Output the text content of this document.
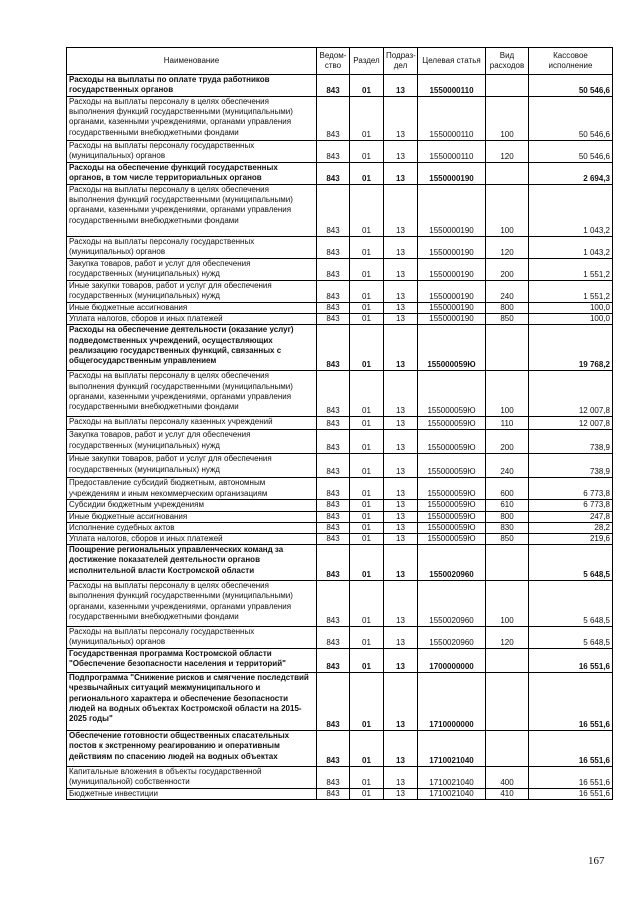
Наименование	Ведом-ство	Раздел	Подраз-дел	Целевая статья	Вид расходов	Кассовое исполнение
Расходы на выплаты по оплате труда работников государственных органов	843	01	13	1550000110		50 546,6
Расходы на выплаты персоналу в целях обеспечения выполнения функций государственными (муниципальными) органами, казенными учреждениями, органами управления государственными внебюджетными фондами	843	01	13	1550000110	100	50 546,6
Расходы на выплаты персоналу государственных (муниципальных) органов	843	01	13	1550000110	120	50 546,6
Расходы на обеспечение функций государственных органов, в том числе территориальных органов	843	01	13	1550000190		2 694,3
Расходы на выплаты персоналу в целях обеспечения выполнения функций государственными (муниципальными) органами, казенными учреждениями, органами управления государственными внебюджетными фондами	843	01	13	1550000190	100	1 043,2
Расходы на выплаты персоналу государственных (муниципальных) органов	843	01	13	1550000190	120	1 043,2
Закупка товаров, работ и услуг для обеспечения государственных (муниципальных) нужд	843	01	13	1550000190	200	1 551,2
Иные закупки товаров, работ и услуг для обеспечения государственных (муниципальных) нужд	843	01	13	1550000190	240	1 551,2
Иные бюджетные ассигнования	843	01	13	1550000190	800	100,0
Уплата налогов, сборов и иных платежей	843	01	13	1550000190	850	100,0
Расходы на обеспечение деятельности (оказание услуг) подведомственных учреждений, осуществляющих реализацию государственных функций, связанных с общегосударственным управлением	843	01	13	155000059Ю		19 768,2
Расходы на выплаты персоналу в целях обеспечения выполнения функций государственными (муниципальными) органами, казенными учреждениями, органами управления государственными внебюджетными фондами	843	01	13	155000059Ю	100	12 007,8
Расходы на выплаты персоналу казенных учреждений	843	01	13	155000059Ю	110	12 007,8
Закупка товаров, работ и услуг для обеспечения государственных (муниципальных) нужд	843	01	13	155000059Ю	200	738,9
Иные закупки товаров, работ и услуг для обеспечения государственных (муниципальных) нужд	843	01	13	155000059Ю	240	738,9
Предоставление субсидий бюджетным, автономным учреждениям и иным некоммерческим организациям	843	01	13	155000059Ю	600	6 773,8
Субсидии бюджетным учреждениям	843	01	13	155000059Ю	610	6 773,8
Иные бюджетные ассигнования	843	01	13	155000059Ю	800	247,8
Исполнение судебных актов	843	01	13	155000059Ю	830	28,2
Уплата налогов, сборов и иных платежей	843	01	13	155000059Ю	850	219,6
Поощрение региональных управленческих команд за достижение показателей деятельности органов исполнительной власти Костромской области	843	01	13	1550020960		5 648,5
Расходы на выплаты персоналу в целях обеспечения выполнения функций государственными (муниципальными) органами, казенными учреждениями, органами управления государственными внебюджетными фондами	843	01	13	1550020960	100	5 648,5
Расходы на выплаты персоналу государственных (муниципальных) органов	843	01	13	1550020960	120	5 648,5
Государственная программа Костромской области "Обеспечение безопасности населения и территорий"	843	01	13	1700000000		16 551,6
Подпрограмма "Снижение рисков и смягчение последствий чрезвычайных ситуаций межмуниципального и регионального характера и обеспечение безопасности людей на водных объектах Костромской области на 2015-2025 годы"	843	01	13	1710000000		16 551,6
Обеспечение готовности общественных спасательных постов к экстренному реагированию и оперативным действиям по спасению людей на водных объектах	843	01	13	1710021040		16 551,6
Капитальные вложения в объекты государственной (муниципальной) собственности	843	01	13	1710021040	400	16 551,6
Бюджетные инвестиции	843	01	13	1710021040	410	16 551,6
167
